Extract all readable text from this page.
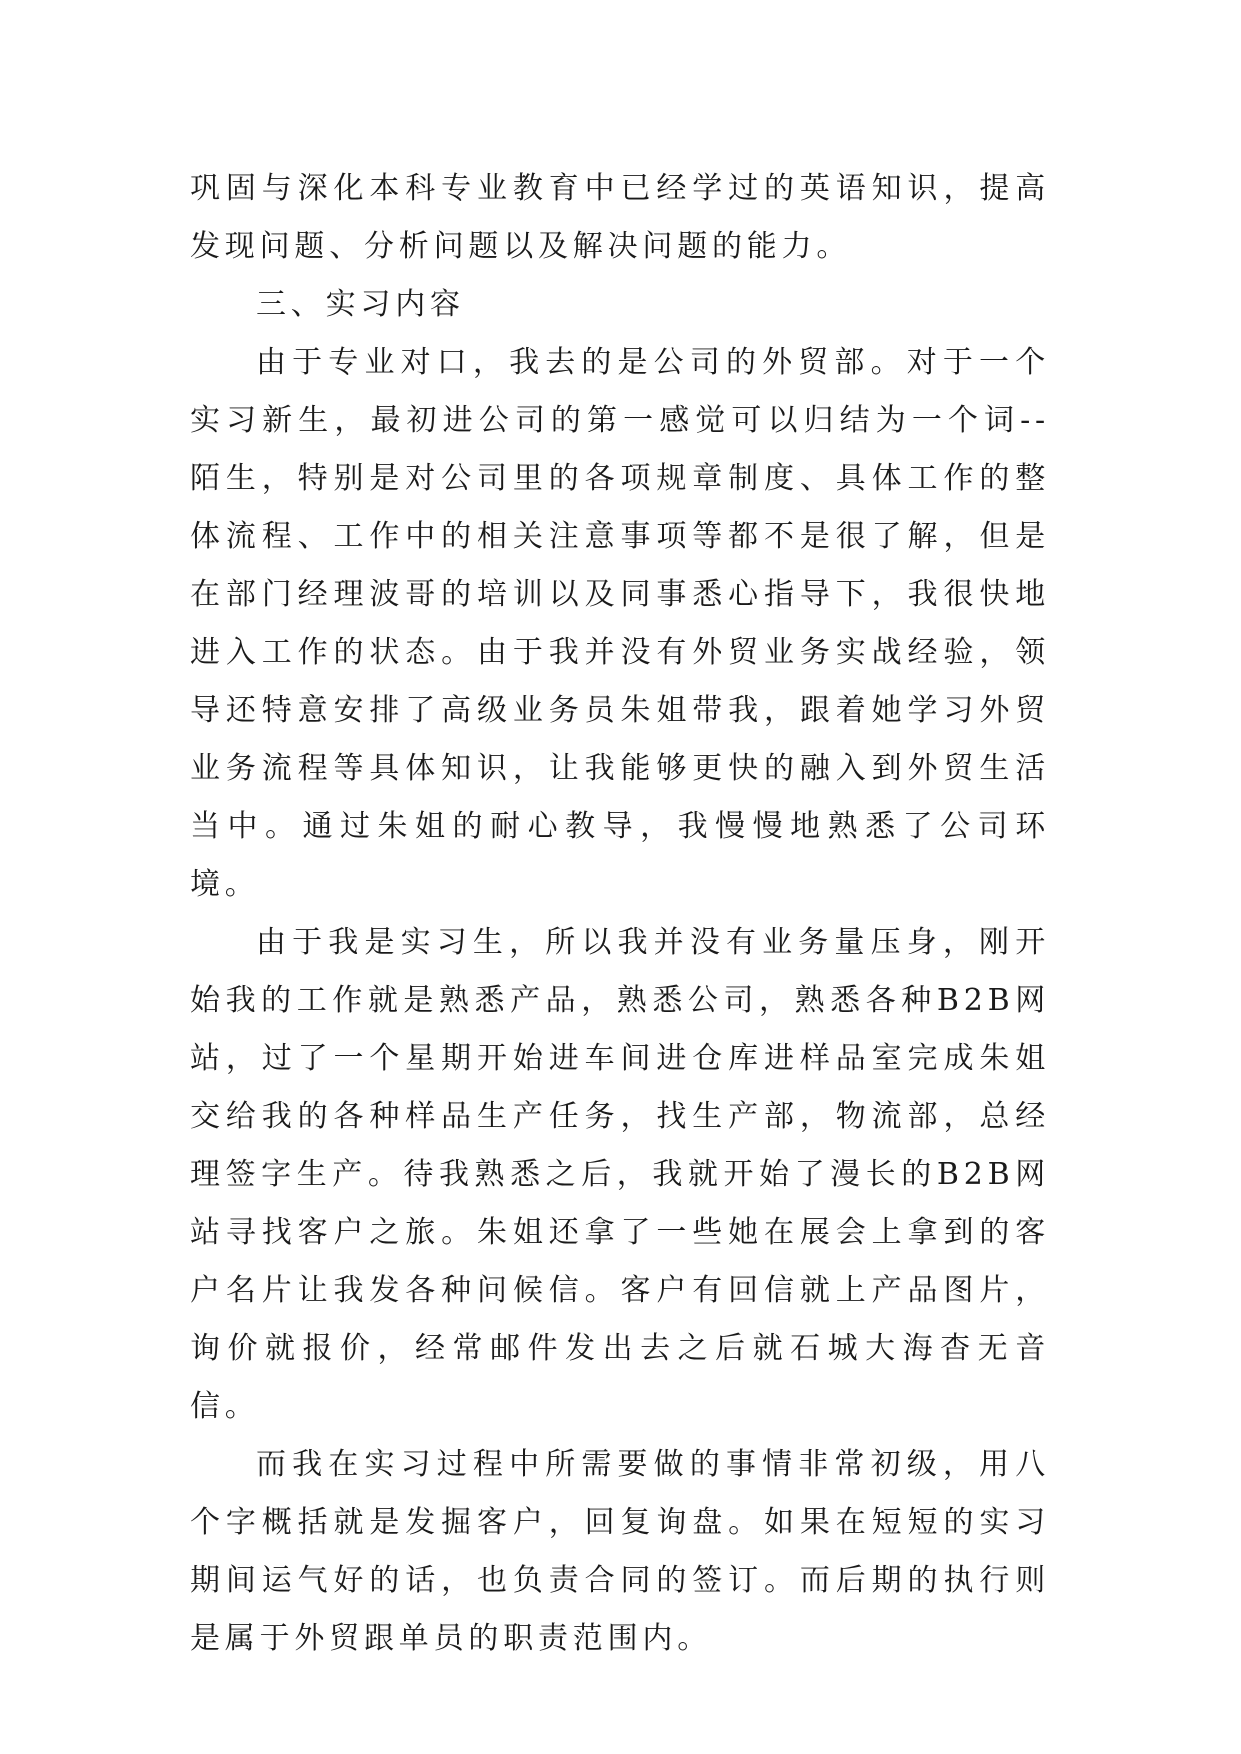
巩固与深化本科专业教育中已经学过的英语知识，提高发现问题、分析问题以及解决问题的能力。

三、实习内容

由于专业对口，我去的是公司的外贸部。对于一个实习新生，最初进公司的第一感觉可以归结为一个词--陌生，特别是对公司里的各项规章制度、具体工作的整体流程、工作中的相关注意事项等都不是很了解，但是在部门经理波哥的培训以及同事悉心指导下，我很快地进入工作的状态。由于我并没有外贸业务实战经验，领导还特意安排了高级业务员朱姐带我，跟着她学习外贸业务流程等具体知识，让我能够更快的融入到外贸生活当中。通过朱姐的耐心教导，我慢慢地熟悉了公司环境。

由于我是实习生，所以我并没有业务量压身，刚开始我的工作就是熟悉产品，熟悉公司，熟悉各种B2B网站，过了一个星期开始进车间进仓库进样品室完成朱姐交给我的各种样品生产任务，找生产部，物流部，总经理签字生产。待我熟悉之后，我就开始了漫长的B2B网站寻找客户之旅。朱姐还拿了一些她在展会上拿到的客户名片让我发各种问候信。客户有回信就上产品图片，询价就报价，经常邮件发出去之后就石城大海杳无音信。

而我在实习过程中所需要做的事情非常初级，用八个字概括就是发掘客户，回复询盘。如果在短短的实习期间运气好的话，也负责合同的签订。而后期的执行则是属于外贸跟单员的职责范围内。
